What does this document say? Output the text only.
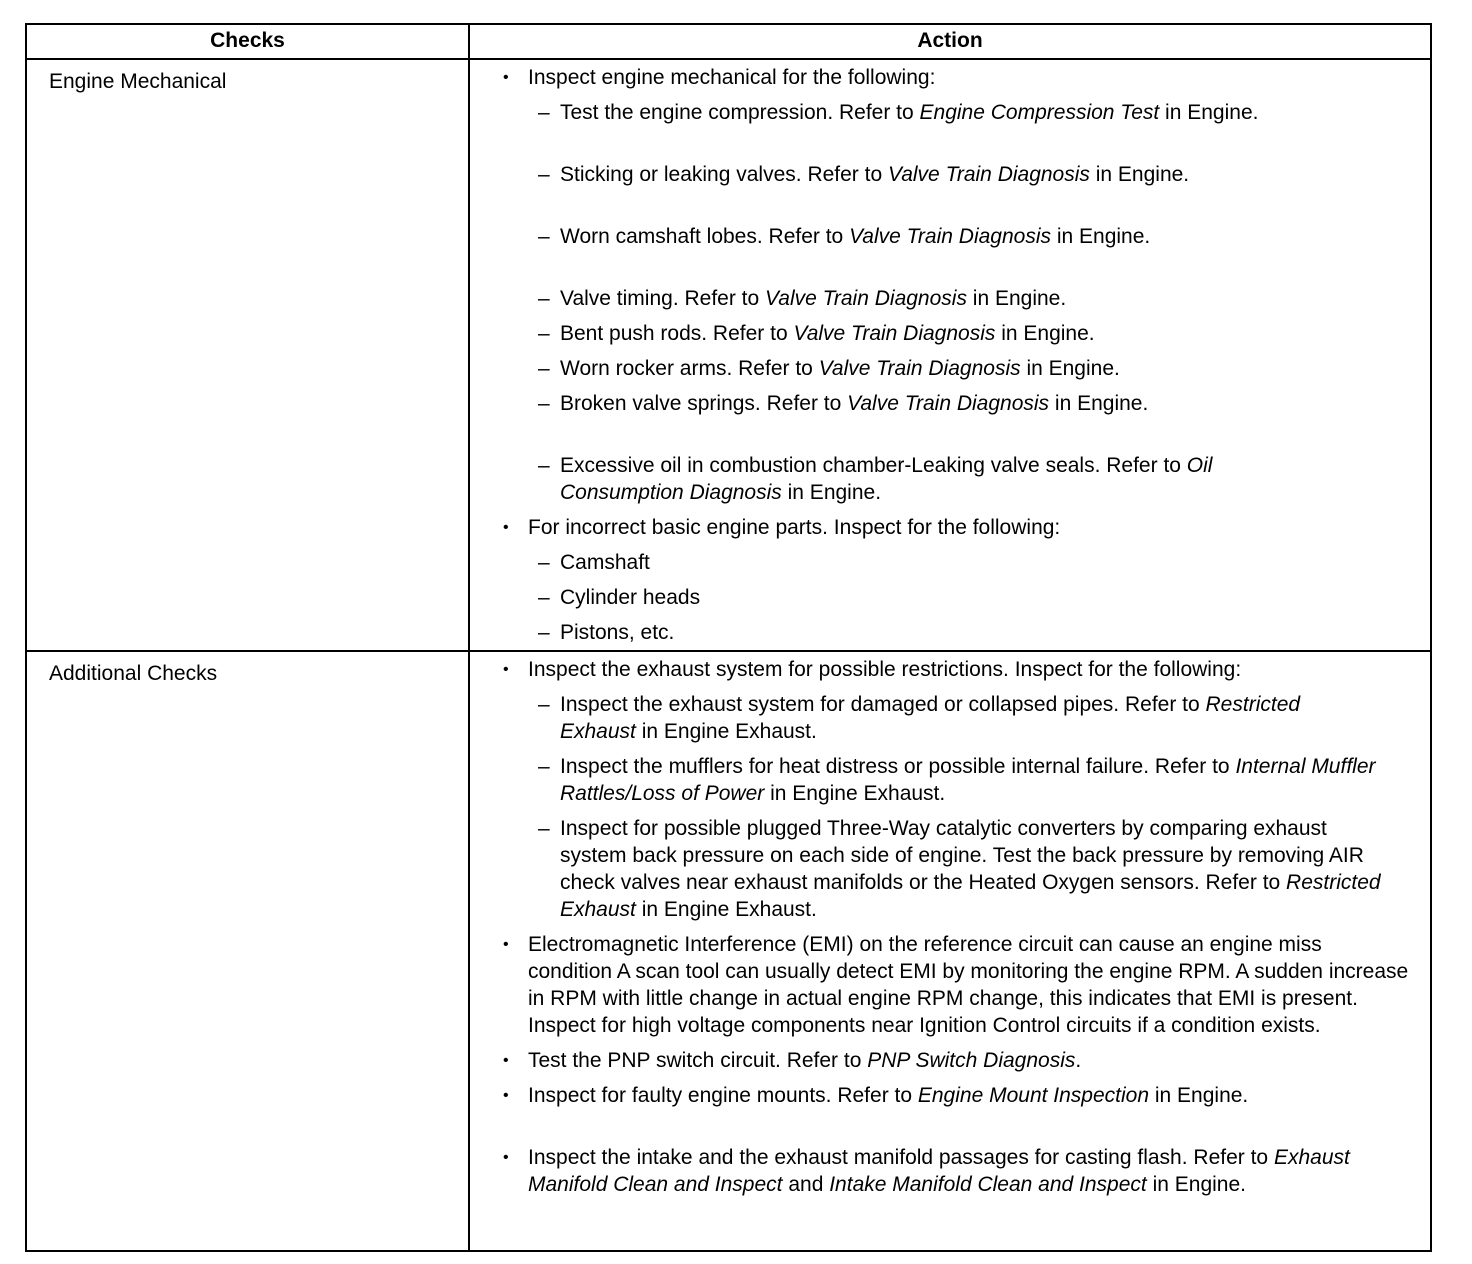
Checks	Action
Engine Mechanical	• Inspect engine mechanical for the following:
– Test the engine compression. Refer to Engine Compression Test in Engine.
– Sticking or leaking valves. Refer to Valve Train Diagnosis in Engine.
– Worn camshaft lobes. Refer to Valve Train Diagnosis in Engine.
– Valve timing. Refer to Valve Train Diagnosis in Engine.
– Bent push rods. Refer to Valve Train Diagnosis in Engine.
– Worn rocker arms. Refer to Valve Train Diagnosis in Engine.
– Broken valve springs. Refer to Valve Train Diagnosis in Engine.
– Excessive oil in combustion chamber-Leaking valve seals. Refer to Oil Consumption Diagnosis in Engine.
• For incorrect basic engine parts. Inspect for the following:
– Camshaft
– Cylinder heads
– Pistons, etc.
Additional Checks	• Inspect the exhaust system for possible restrictions. Inspect for the following:
– Inspect the exhaust system for damaged or collapsed pipes. Refer to Restricted Exhaust in Engine Exhaust.
– Inspect the mufflers for heat distress or possible internal failure. Refer to Internal Muffler Rattles/Loss of Power in Engine Exhaust.
– Inspect for possible plugged Three-Way catalytic converters by comparing exhaust system back pressure on each side of engine. Test the back pressure by removing AIR check valves near exhaust manifolds or the Heated Oxygen sensors. Refer to Restricted Exhaust in Engine Exhaust.
• Electromagnetic Interference (EMI) on the reference circuit can cause an engine miss condition A scan tool can usually detect EMI by monitoring the engine RPM. A sudden increase in RPM with little change in actual engine RPM change, this indicates that EMI is present. Inspect for high voltage components near Ignition Control circuits if a condition exists.
• Test the PNP switch circuit. Refer to PNP Switch Diagnosis.
• Inspect for faulty engine mounts. Refer to Engine Mount Inspection in Engine.
• Inspect the intake and the exhaust manifold passages for casting flash. Refer to Exhaust Manifold Clean and Inspect and Intake Manifold Clean and Inspect in Engine.
